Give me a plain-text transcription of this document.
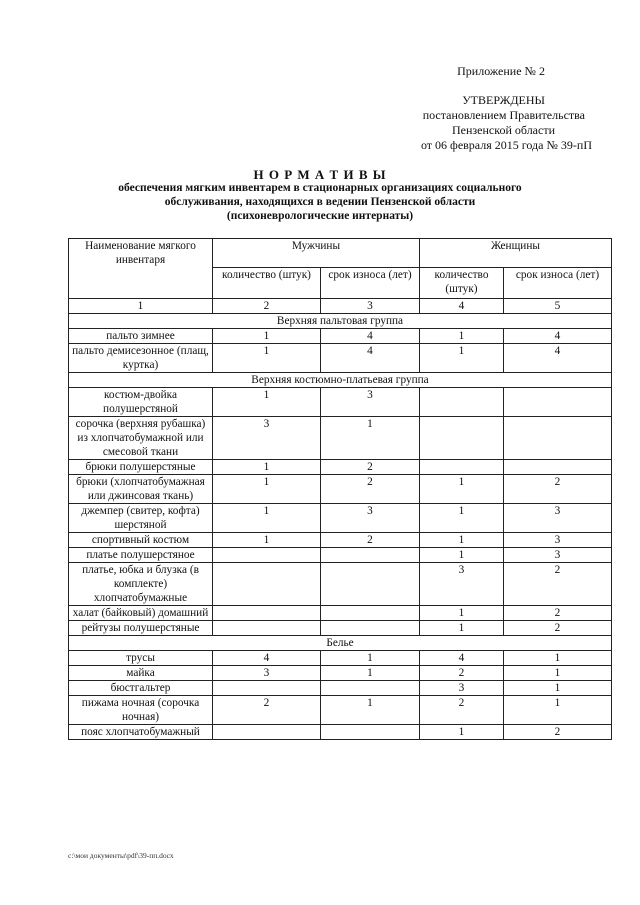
Приложение № 2
УТВЕРЖДЕНЫ
постановлением Правительства
Пензенской области
от 06 февраля 2015 года № 39-пП
Н О Р М А Т И В Ы
обеспечения мягким инвентарем в стационарных организациях социального
обслуживания, находящихся в ведении Пензенской области
(психоневрологические интернаты)
Наименование мягкого инвентаря	Мужчины		Женщины	
	количество (штук)	срок износа (лет)	количество (штук)	срок износа (лет)
1	2	3	4	5
Верхняя пальтовая группа				
пальто зимнее	1	4	1	4
пальто демисезонное (плащ, куртка)	1	4	1	4
Верхняя костюмно-платьевая группа				
костюм-двойка полушерстяной	1	3		
сорочка (верхняя рубашка) из хлопчатобумажной или смесовой ткани	3	1		
брюки полушерстяные	1	2		
брюки (хлопчатобумажная или джинсовая ткань)	1	2	1	2
джемпер (свитер, кофта) шерстяной	1	3	1	3
спортивный костюм	1	2	1	3
платье полушерстяное			1	3
платье, юбка и блузка (в комплекте) хлопчатобумажные			3	2
халат (байковый) домашний			1	2
рейтузы полушерстяные			1	2
Белье				
трусы	4	1	4	1
майка	3	1	2	1
бюстгальтер			3	1
пижама ночная (сорочка ночная)	2	1	2	1
пояс хлопчатобумажный			1	2
c:\мои документы\pdf\39-пп.docx
